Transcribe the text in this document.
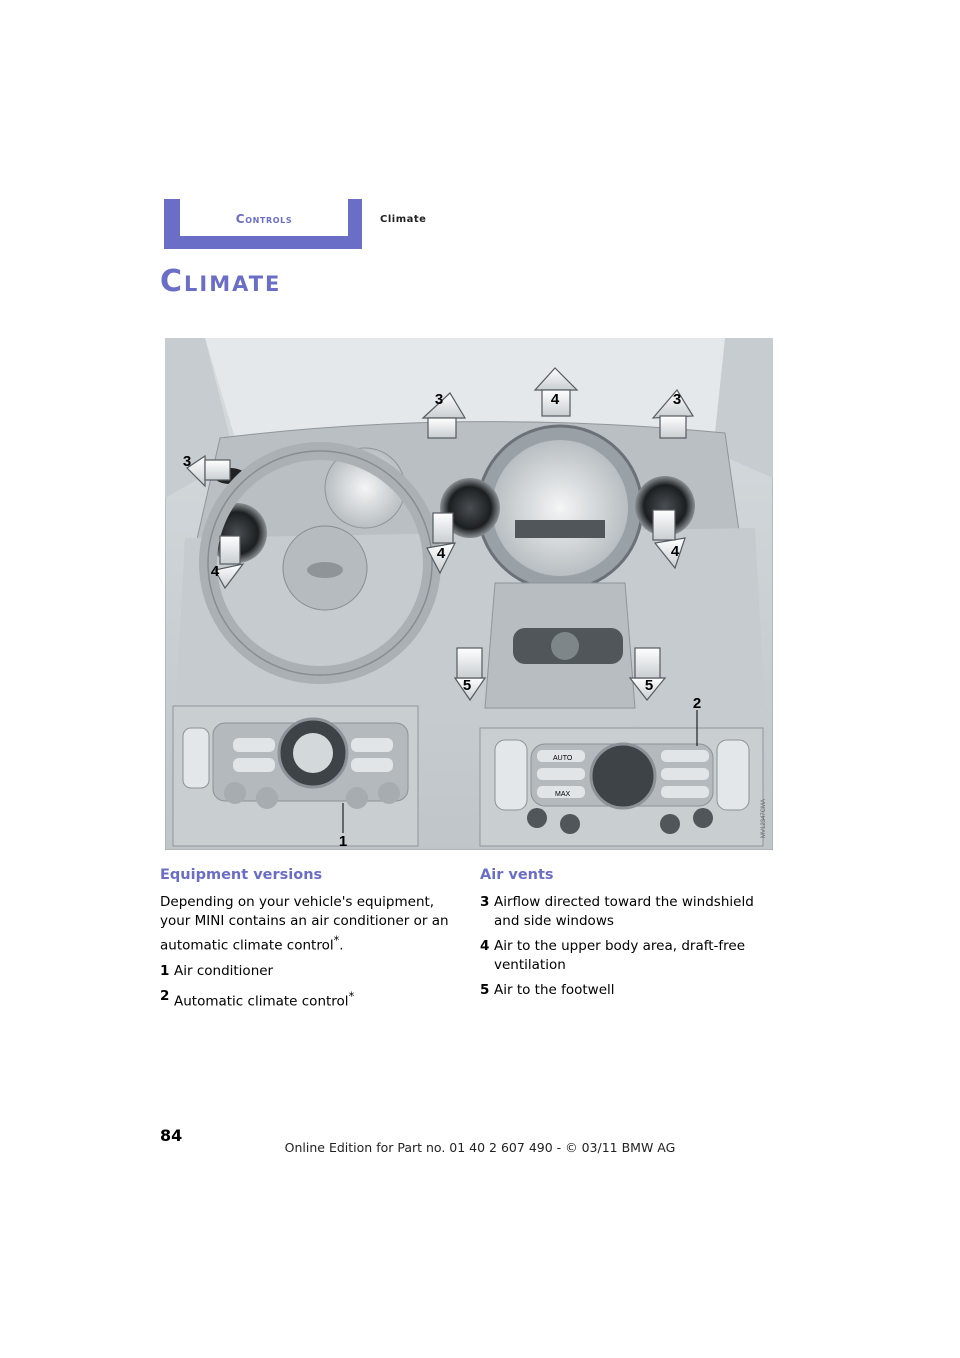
Controls	Climate
Climate
AUTO
MAX
1
2
3	3
3
4
4
4	4
5	5
MV12347CMA
Equipment versions

Depending on your vehicle's equipment, your MINI contains an air conditioner or an automatic climate control*.

1 Air conditioner
2 Automatic climate control*
Air vents
3 Airflow directed toward the windshield and side windows
4 Air to the upper body area, draft-free ventilation
5 Air to the footwell
84
Online Edition for Part no. 01 40 2 607 490 - © 03/11 BMW AG
